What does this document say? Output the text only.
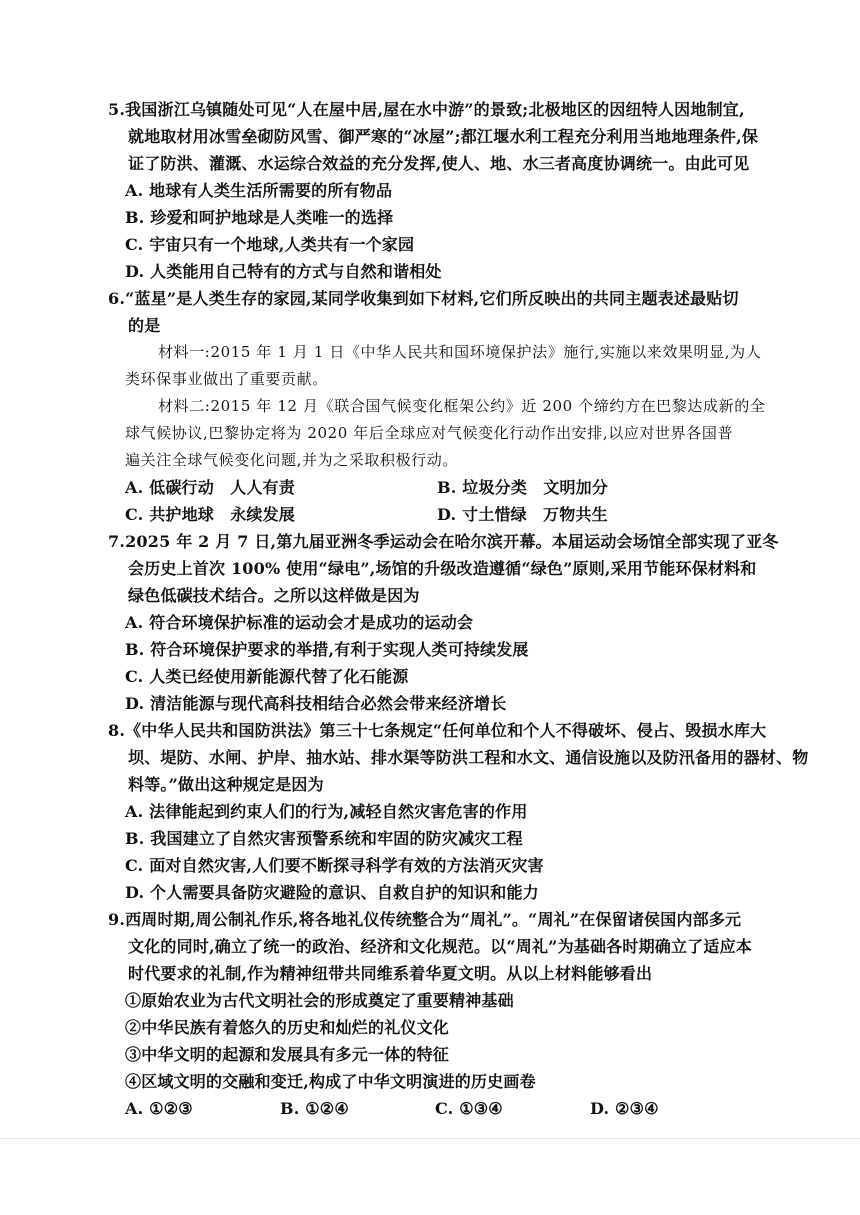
5.我国浙江乌镇随处可见“人在屋中居,屋在水中游”的景致;北极地区的因纽特人因地制宜,
就地取材用冰雪垒砌防风雪、御严寒的“冰屋”;都江堰水利工程充分利用当地地理条件,保
证了防洪、灌溉、水运综合效益的充分发挥,使人、地、水三者高度协调统一。由此可见
A. 地球有人类生活所需要的所有物品
B. 珍爱和呵护地球是人类唯一的选择
C. 宇宙只有一个地球,人类共有一个家园
D. 人类能用自己特有的方式与自然和谐相处
6.“蓝星”是人类生存的家园,某同学收集到如下材料,它们所反映出的共同主题表述最贴切
的是
材料一:2015 年 1 月 1 日《中华人民共和国环境保护法》施行,实施以来效果明显,为人
类环保事业做出了重要贡献。
材料二:2015 年 12 月《联合国气候变化框架公约》近 200 个缔约方在巴黎达成新的全
球气候协议,巴黎协定将为 2020 年后全球应对气候变化行动作出安排,以应对世界各国普
遍关注全球气候变化问题,并为之采取积极行动。
A. 低碳行动　人人有责	B. 垃圾分类　文明加分
C. 共护地球　永续发展	D. 寸土惜绿　万物共生
7.2025 年 2 月 7 日,第九届亚洲冬季运动会在哈尔滨开幕。本届运动会场馆全部实现了亚冬
会历史上首次 100% 使用“绿电”,场馆的升级改造遵循“绿色”原则,采用节能环保材料和
绿色低碳技术结合。之所以这样做是因为
A. 符合环境保护标准的运动会才是成功的运动会
B. 符合环境保护要求的举措,有利于实现人类可持续发展
C. 人类已经使用新能源代替了化石能源
D. 清洁能源与现代高科技相结合必然会带来经济增长
8.《中华人民共和国防洪法》第三十七条规定“任何单位和个人不得破坏、侵占、毁损水库大
坝、堤防、水闸、护岸、抽水站、排水渠等防洪工程和水文、通信设施以及防汛备用的器材、物
料等。”做出这种规定是因为
A. 法律能起到约束人们的行为,减轻自然灾害危害的作用
B. 我国建立了自然灾害预警系统和牢固的防灾减灾工程
C. 面对自然灾害,人们要不断探寻科学有效的方法消灭灾害
D. 个人需要具备防灾避险的意识、自救自护的知识和能力
9.西周时期,周公制礼作乐,将各地礼仪传统整合为“周礼”。“周礼”在保留诸侯国内部多元
文化的同时,确立了统一的政治、经济和文化规范。以“周礼”为基础各时期确立了适应本
时代要求的礼制,作为精神纽带共同维系着华夏文明。从以上材料能够看出
①原始农业为古代文明社会的形成奠定了重要精神基础
②中华民族有着悠久的历史和灿烂的礼仪文化
③中华文明的起源和发展具有多元一体的特征
④区域文明的交融和变迁,构成了中华文明演进的历史画卷
A. ①②③	B. ①②④	C. ①③④	D. ②③④
